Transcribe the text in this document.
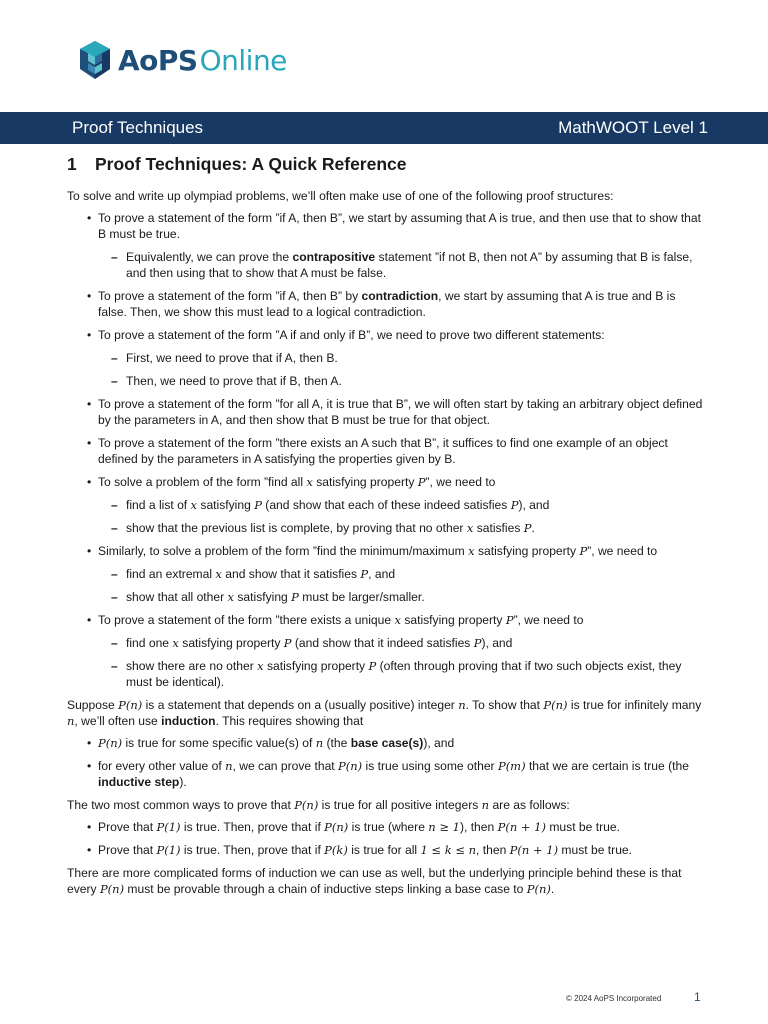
AoPSOnline
Proof Techniques	MathWOOT Level 1
1 Proof Techniques: A Quick Reference

To solve and write up olympiad problems, we’ll often make use of one of the following proof structures:

• To prove a statement of the form ”if A, then B”, we start by assuming that A is true, and then use that to show that B must be true.
– Equivalently, we can prove the contrapositive statement ”if not B, then not A” by assuming that B is false, and then using that to show that A must be false.
• To prove a statement of the form ”if A, then B” by contradiction, we start by assuming that A is true and B is false. Then, we show this must lead to a logical contradiction.
• To prove a statement of the form ”A if and only if B”, we need to prove two different statements:
– First, we need to prove that if A, then B.
– Then, we need to prove that if B, then A.
• To prove a statement of the form ”for all A, it is true that B”, we will often start by taking an arbitrary object defined by the parameters in A, and then show that B must be true for that object.
• To prove a statement of the form ”there exists an A such that B”, it suffices to find one example of an object defined by the parameters in A satisfying the properties given by B.
• To solve a problem of the form ”find all x satisfying property P”, we need to
– find a list of x satisfying P (and show that each of these indeed satisfies P), and
– show that the previous list is complete, by proving that no other x satisfies P.
• Similarly, to solve a problem of the form ”find the minimum/maximum x satisfying property P”, we need to
– find an extremal x and show that it satisfies P, and
– show that all other x satisfying P must be larger/smaller.
• To prove a statement of the form ”there exists a unique x satisfying property P”, we need to
– find one x satisfying property P (and show that it indeed satisfies P), and
– show there are no other x satisfying property P (often through proving that if two such objects exist, they must be identical).

Suppose P(n) is a statement that depends on a (usually positive) integer n. To show that P(n) is true for infinitely many n, we’ll often use induction. This requires showing that

• P(n) is true for some specific value(s) of n (the base case(s)), and
• for every other value of n, we can prove that P(n) is true using some other P(m) that we are certain is true (the inductive step).

The two most common ways to prove that P(n) is true for all positive integers n are as follows:

• Prove that P(1) is true. Then, prove that if P(n) is true (where n ≥ 1), then P(n + 1) must be true.
• Prove that P(1) is true. Then, prove that if P(k) is true for all 1 ≤ k ≤ n, then P(n + 1) must be true.

There are more complicated forms of induction we can use as well, but the underlying principle behind these is that every P(n) must be provable through a chain of inductive steps linking a base case to P(n).

© 2024 AoPS Incorporated	1
